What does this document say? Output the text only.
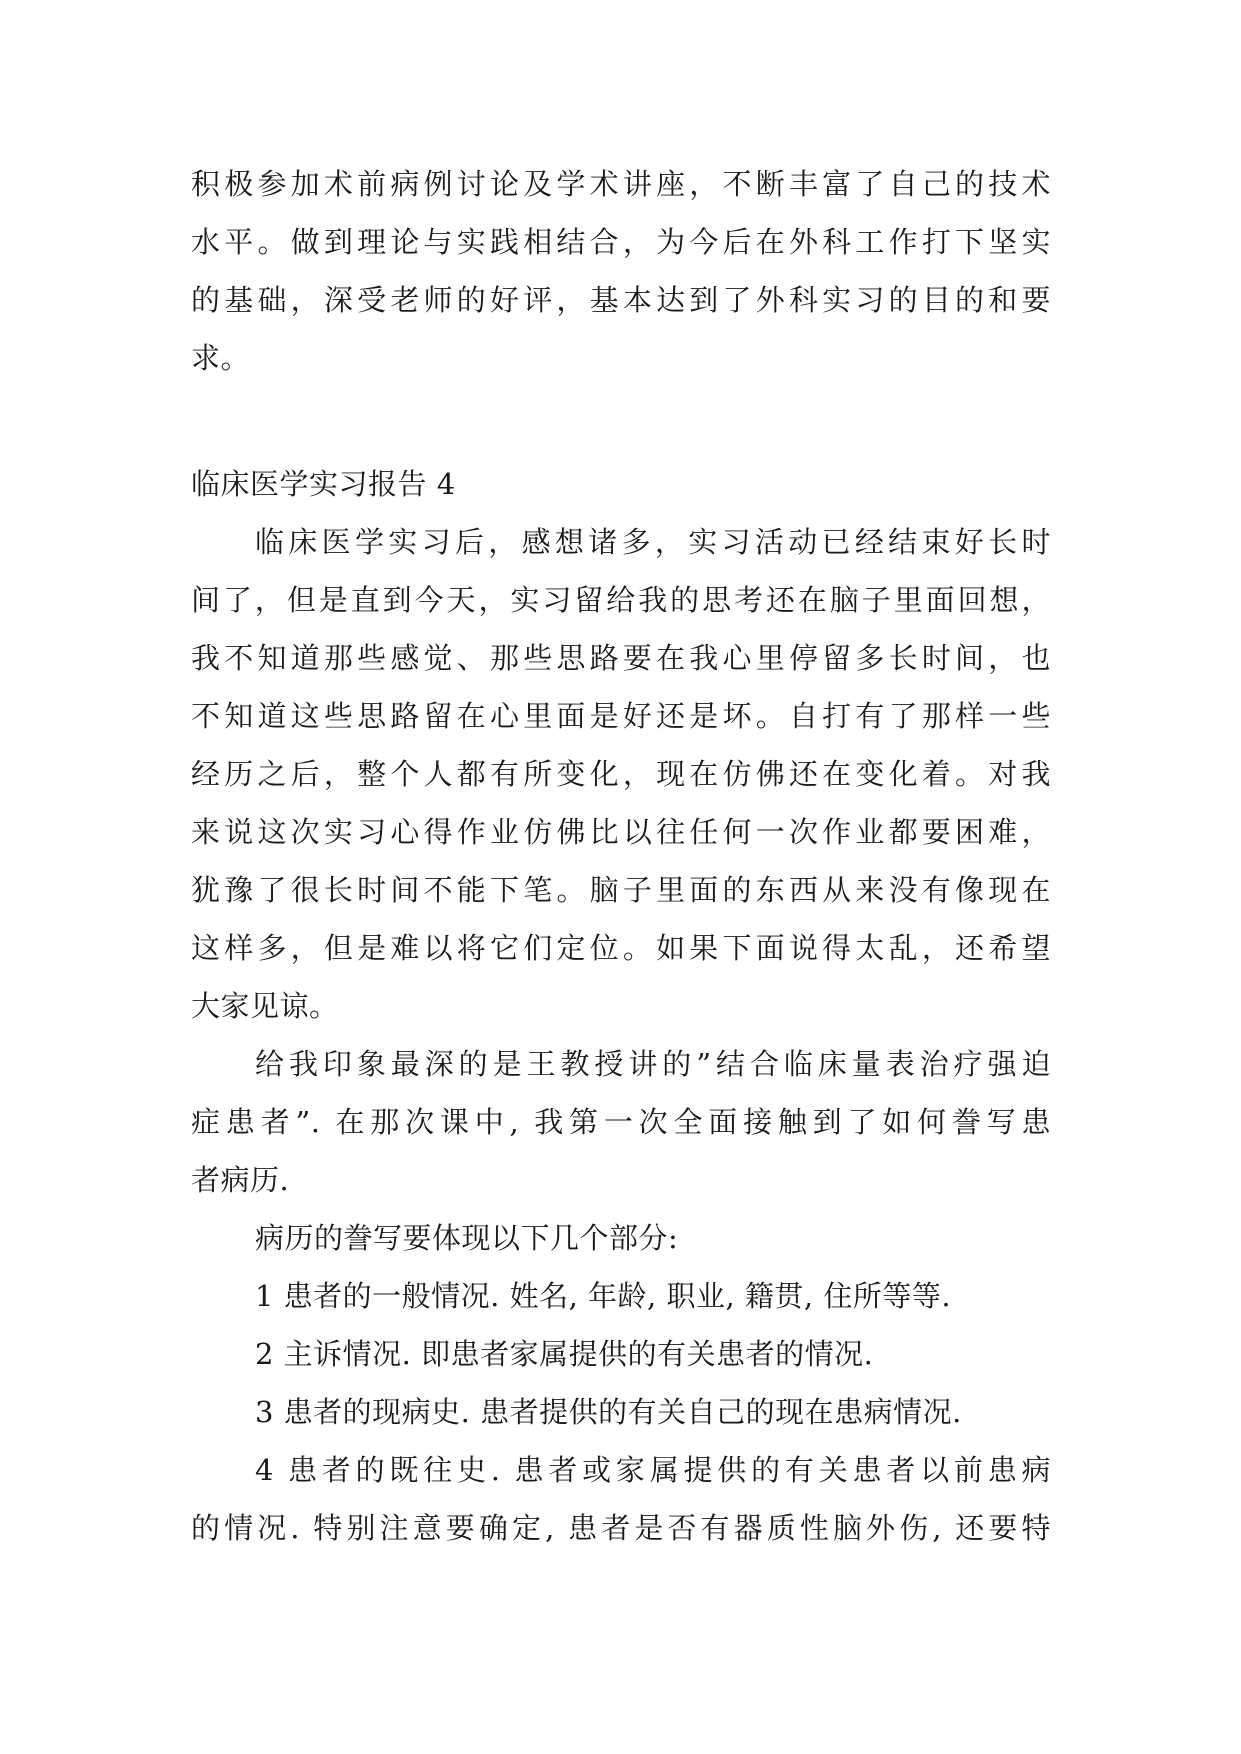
积极参加术前病例讨论及学术讲座，不断丰富了自己的技术
水平。做到理论与实践相结合，为今后在外科工作打下坚实
的基础，深受老师的好评，基本达到了外科实习的目的和要
求。
临床医学实习报告 4
临床医学实习后，感想诸多，实习活动已经结束好长时
间了，但是直到今天，实习留给我的思考还在脑子里面回想，
我不知道那些感觉、那些思路要在我心里停留多长时间，也
不知道这些思路留在心里面是好还是坏。自打有了那样一些
经历之后，整个人都有所变化，现在仿佛还在变化着。对我
来说这次实习心得作业仿佛比以往任何一次作业都要困难，
犹豫了很长时间不能下笔。脑子里面的东西从来没有像现在
这样多，但是难以将它们定位。如果下面说得太乱，还希望
大家见谅。
给我印象最深的是王教授讲的”结合临床量表治疗强迫
症患者”. 在那次课中, 我第一次全面接触到了如何誊写患
者病历.
病历的誊写要体现以下几个部分:
1 患者的一般情况. 姓名, 年龄, 职业, 籍贯, 住所等等.
2 主诉情况. 即患者家属提供的有关患者的情况.
3 患者的现病史. 患者提供的有关自己的现在患病情况.
4 患者的既往史. 患者或家属提供的有关患者以前患病
的情况. 特别注意要确定, 患者是否有器质性脑外伤, 还要特
